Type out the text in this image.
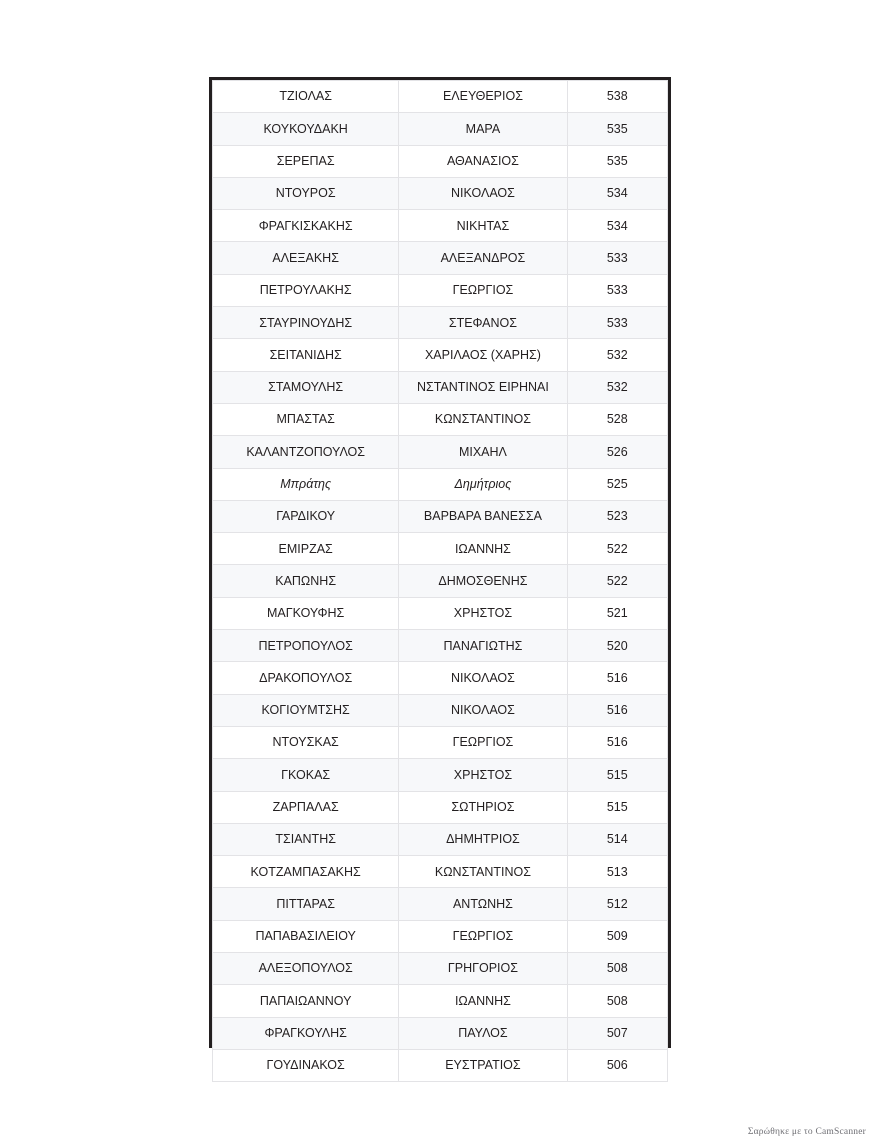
ΤΖΙΟΛΑΣ	ΕΛΕΥΘΕΡΙΟΣ	538
ΚΟΥΚΟΥΔΑΚΗ	ΜΑΡΑ	535
ΣΕΡΕΠΑΣ	ΑΘΑΝΑΣΙΟΣ	535
ΝΤΟΥΡΟΣ	ΝΙΚΟΛΑΟΣ	534
ΦΡΑΓΚΙΣΚΑΚΗΣ	ΝΙΚΗΤΑΣ	534
ΑΛΕΞΑΚΗΣ	ΑΛΕΞΑΝΔΡΟΣ	533
ΠΕΤΡΟΥΛΑΚΗΣ	ΓΕΩΡΓΙΟΣ	533
ΣΤΑΥΡΙΝΟΥΔΗΣ	ΣΤΕΦΑΝΟΣ	533
ΣΕΙΤΑΝΙΔΗΣ	ΧΑΡΙΛΑΟΣ (ΧΑΡΗΣ)	532
ΣΤΑΜΟΥΛΗΣ	ΝΣΤΑΝΤΙΝΟΣ ΕΙΡΗΝΑΙ	532
ΜΠΑΣΤΑΣ	ΚΩΝΣΤΑΝΤΙΝΟΣ	528
ΚΑΛΑΝΤΖΟΠΟΥΛΟΣ	ΜΙΧΑΗΛ	526
Μπράτης	Δημήτριος	525
ΓΑΡΔΙΚΟΥ	ΒΑΡΒΑΡΑ ΒΑΝΕΣΣΑ	523
ΕΜΙΡΖΑΣ	ΙΩΑΝΝΗΣ	522
ΚΑΠΩΝΗΣ	ΔΗΜΟΣΘΕΝΗΣ	522
ΜΑΓΚΟΥΦΗΣ	ΧΡΗΣΤΟΣ	521
ΠΕΤΡΟΠΟΥΛΟΣ	ΠΑΝΑΓΙΩΤΗΣ	520
ΔΡΑΚΟΠΟΥΛΟΣ	ΝΙΚΟΛΑΟΣ	516
ΚΟΓΙΟΥΜΤΣΗΣ	ΝΙΚΟΛΑΟΣ	516
ΝΤΟΥΣΚΑΣ	ΓΕΩΡΓΙΟΣ	516
ΓΚΟΚΑΣ	ΧΡΗΣΤΟΣ	515
ΖΑΡΠΑΛΑΣ	ΣΩΤΗΡΙΟΣ	515
ΤΣΙΑΝΤΗΣ	ΔΗΜΗΤΡΙΟΣ	514
ΚΟΤΖΑΜΠΑΣΑΚΗΣ	ΚΩΝΣΤΑΝΤΙΝΟΣ	513
ΠΙΤΤΑΡΑΣ	ΑΝΤΩΝΗΣ	512
ΠΑΠΑΒΑΣΙΛΕΙΟΥ	ΓΕΩΡΓΙΟΣ	509
ΑΛΕΞΟΠΟΥΛΟΣ	ΓΡΗΓΟΡΙΟΣ	508
ΠΑΠΑΙΩΑΝΝΟΥ	ΙΩΑΝΝΗΣ	508
ΦΡΑΓΚΟΥΛΗΣ	ΠΑΥΛΟΣ	507
ΓΟΥΔΙΝΑΚΟΣ	ΕΥΣΤΡΑΤΙΟΣ	506
Σαρώθηκε με το CamScanner
